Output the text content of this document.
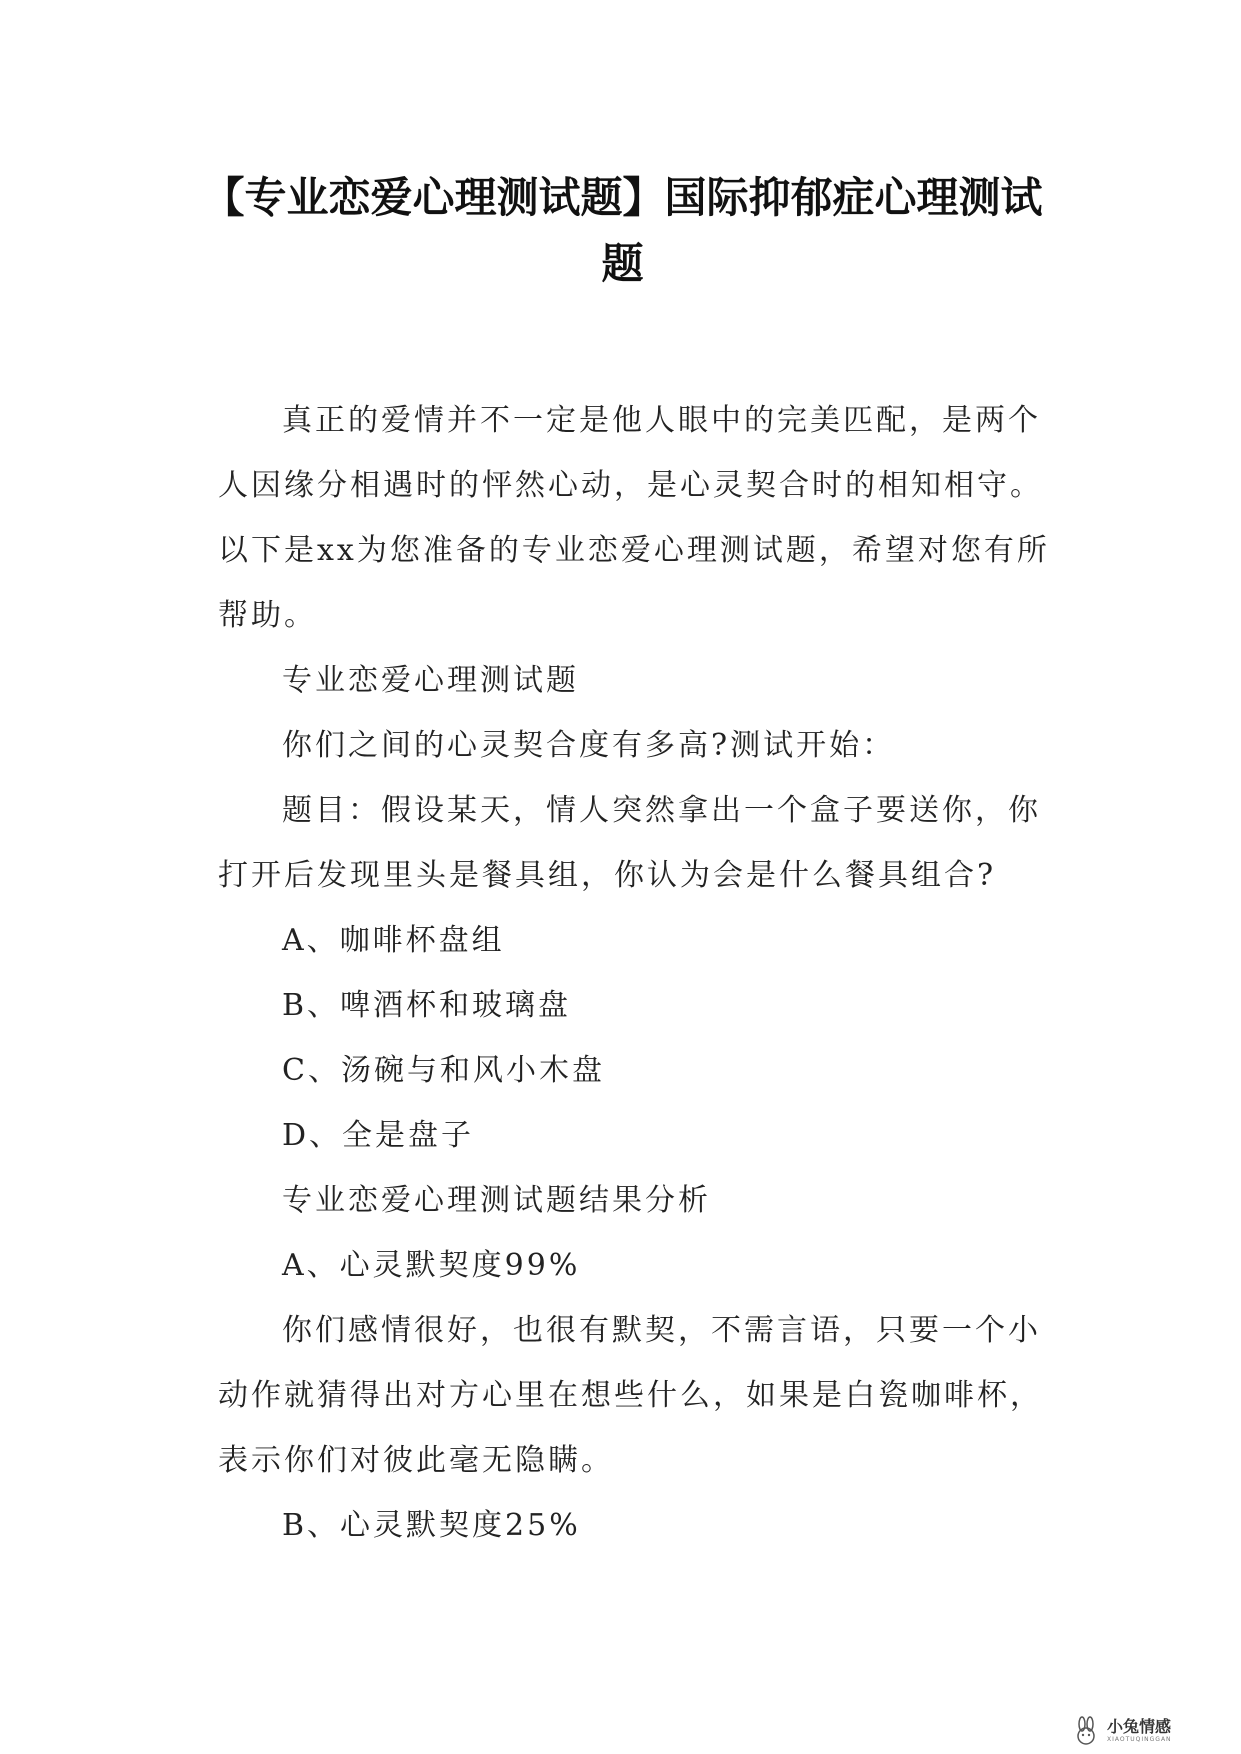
【专业恋爱心理测试题】国际抑郁症心理测试题

真正的爱情并不一定是他人眼中的完美匹配，是两个人因缘分相遇时的怦然心动，是心灵契合时的相知相守。以下是xx为您准备的专业恋爱心理测试题，希望对您有所帮助。

专业恋爱心理测试题

你们之间的心灵契合度有多高?测试开始：

题目：假设某天，情人突然拿出一个盒子要送你，你打开后发现里头是餐具组，你认为会是什么餐具组合?

A、咖啡杯盘组

B、啤酒杯和玻璃盘

C、汤碗与和风小木盘

D、全是盘子

专业恋爱心理测试题结果分析

A、心灵默契度99%

你们感情很好，也很有默契，不需言语，只要一个小动作就猜得出对方心里在想些什么，如果是白瓷咖啡杯，表示你们对彼此毫无隐瞒。

B、心灵默契度25%

小兔情感
XIAOTUQINGGAN
